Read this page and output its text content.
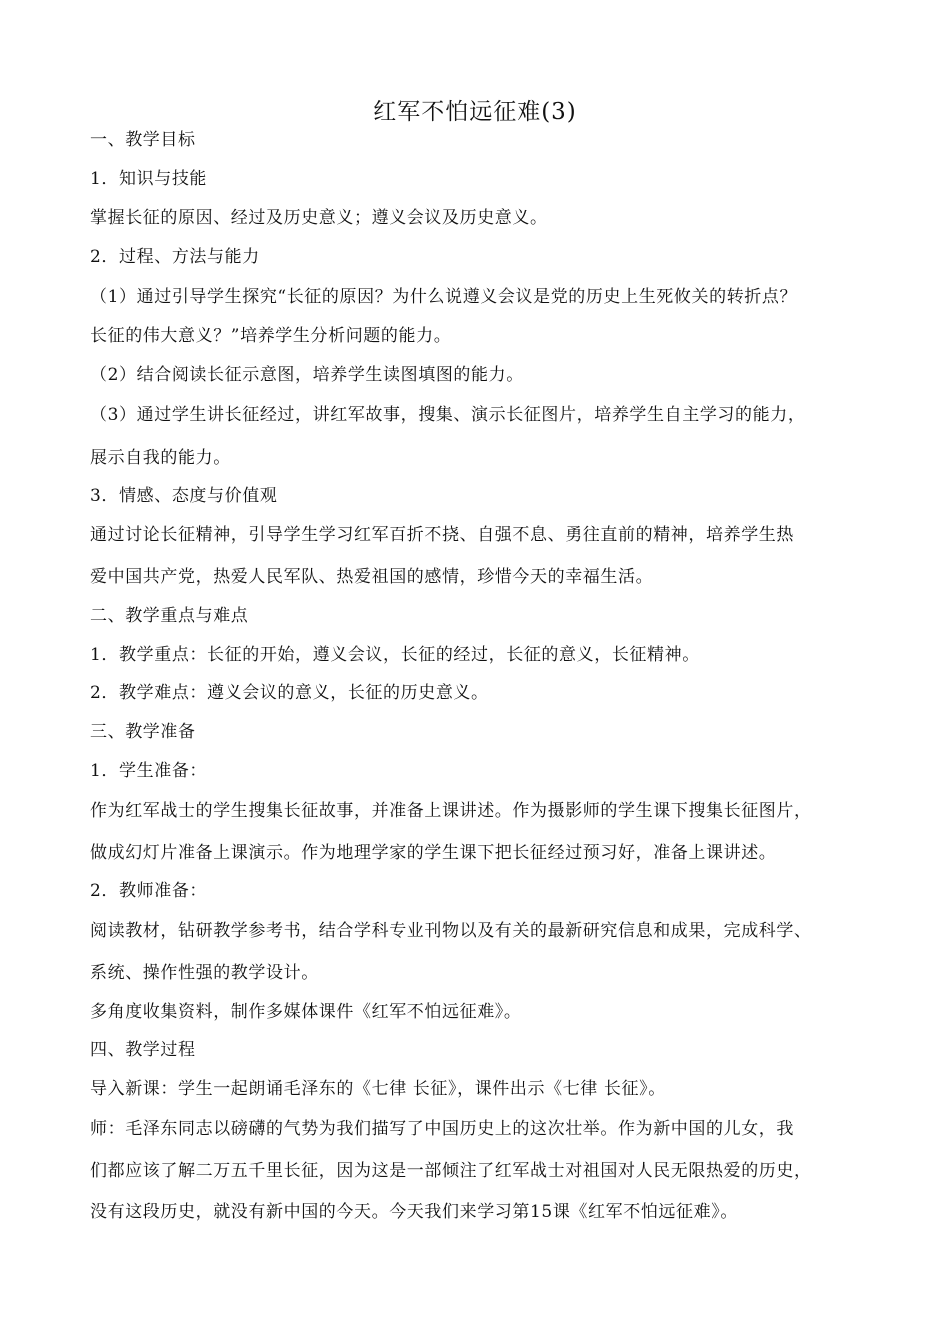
红军不怕远征难(3)
一、教学目标
1．知识与技能
掌握长征的原因、经过及历史意义；遵义会议及历史意义。
2．过程、方法与能力
（1）通过引导学生探究“长征的原因？为什么说遵义会议是党的历史上生死攸关的转折点？
长征的伟大意义？”培养学生分析问题的能力。
（2）结合阅读长征示意图，培养学生读图填图的能力。
（3）通过学生讲长征经过，讲红军故事，搜集、演示长征图片，培养学生自主学习的能力，
展示自我的能力。
3．情感、态度与价值观
通过讨论长征精神，引导学生学习红军百折不挠、自强不息、勇往直前的精神，培养学生热
爱中国共产党，热爱人民军队、热爱祖国的感情，珍惜今天的幸福生活。
二、教学重点与难点
1．教学重点：长征的开始，遵义会议，长征的经过，长征的意义，长征精神。
2．教学难点：遵义会议的意义，长征的历史意义。
三、教学准备
1．学生准备：
作为红军战士的学生搜集长征故事，并准备上课讲述。作为摄影师的学生课下搜集长征图片，
做成幻灯片准备上课演示。作为地理学家的学生课下把长征经过预习好，准备上课讲述。
2．教师准备：
阅读教材，钻研教学参考书，结合学科专业刊物以及有关的最新研究信息和成果，完成科学、
系统、操作性强的教学设计。
多角度收集资料，制作多媒体课件《红军不怕远征难》。
四、教学过程
导入新课：学生一起朗诵毛泽东的《七律 长征》，课件出示《七律 长征》。
师：毛泽东同志以磅礴的气势为我们描写了中国历史上的这次壮举。作为新中国的儿女，我
们都应该了解二万五千里长征，因为这是一部倾注了红军战士对祖国对人民无限热爱的历史，
没有这段历史，就没有新中国的今天。今天我们来学习第15课《红军不怕远征难》。
